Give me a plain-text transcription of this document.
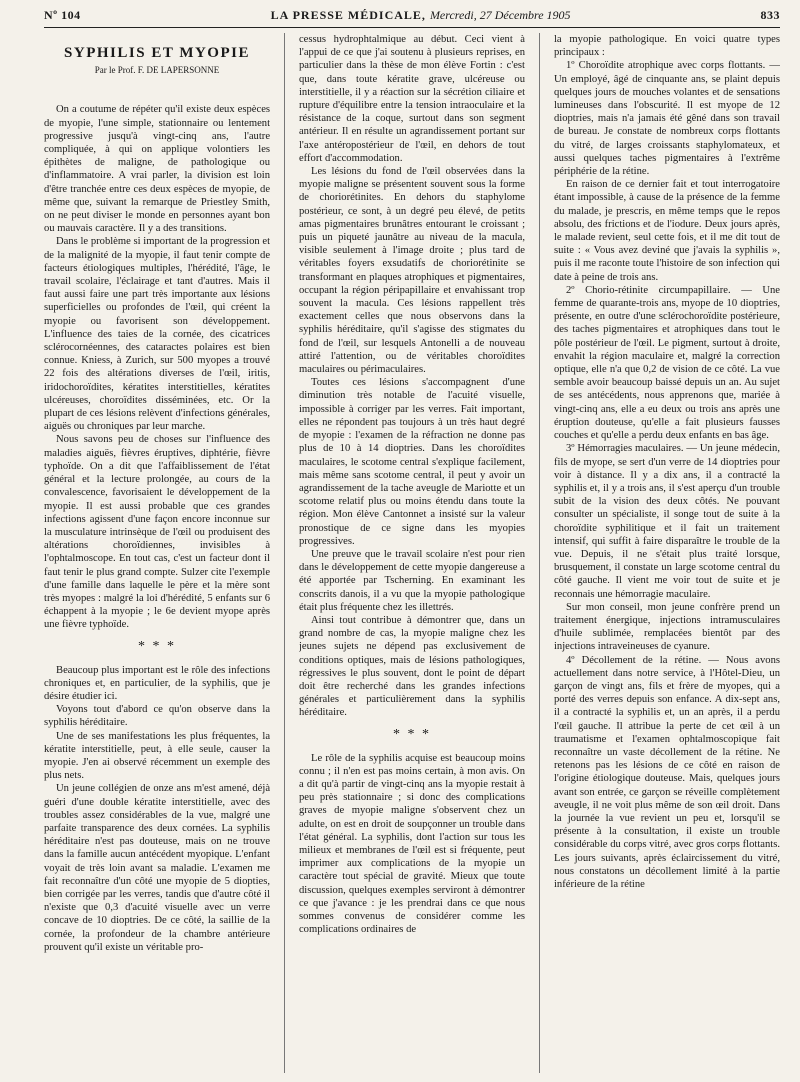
Nº 104	LA PRESSE MÉDICALE, Mercredi, 27 Décembre 1905	833
SYPHILIS ET MYOPIE
Par le Prof. F. DE LAPERSONNE

On a coutume de répéter qu'il existe deux espèces de myopie, l'une simple, stationnaire ou lentement progressive jusqu'à vingt-cinq ans, l'autre compliquée, à qui on applique volontiers les épithètes de maligne, de pathologique ou d'inflammatoire. A vrai parler, la division est loin d'être tranchée entre ces deux espèces de myopie, de même que, suivant la remarque de Priestley Smith, on ne peut diviser le monde en personnes ayant bon ou mauvais caractère. Il y a des transitions.

Dans le problème si important de la progression et de la malignité de la myopie, il faut tenir compte de facteurs étiologiques multiples, l'hérédité, l'âge, le travail scolaire, l'éclairage et tant d'autres. Mais il faut aussi faire une part très importante aux lésions superficielles ou profondes de l'œil, qui créent la myopie ou favorisent son développement. L'influence des taies de la cornée, des cicatrices sclérocornéennes, des cataractes polaires est bien connue. Kniess, à Zurich, sur 500 myopes a trouvé 22 fois des altérations diverses de l'œil, iritis, iridochoroïdites, kératites interstitielles, kératites ulcéreuses, choroïdites disséminées, etc. Or la plupart de ces lésions relèvent d'infections générales, aiguës ou chroniques par leur marche.

Nous savons peu de choses sur l'influence des maladies aiguës, fièvres éruptives, diphtérie, fièvre typhoïde. On a dit que l'affaiblissement de l'état général et la lecture prolongée, au cours de la convalescence, favorisaient le développement de la myopie. Il est aussi probable que ces grandes infections agissent d'une façon encore inconnue sur la musculature intrinsèque de l'œil ou produisent des altérations choroïdiennes, invisibles à l'ophtalmoscope. En tout cas, c'est un facteur dont il faut tenir le plus grand compte. Sulzer cite l'exemple d'une famille dans laquelle le père et la mère sont très myopes : malgré la loi d'hérédité, 5 enfants sur 6 échappent à la myopie ; le 6e devient myope après une fièvre typhoïde.

* * *

Beaucoup plus important est le rôle des infections chroniques et, en particulier, de la syphilis, que je désire étudier ici.

Voyons tout d'abord ce qu'on observe dans la syphilis héréditaire.

Une de ses manifestations les plus fréquentes, la kératite interstitielle, peut, à elle seule, causer la myopie. J'en ai observé récemment un exemple des plus nets.

Un jeune collégien de onze ans m'est amené, déjà guéri d'une double kératite interstitielle, avec des troubles assez considérables de la vue, malgré une parfaite transparence des deux cornées. La syphilis héréditaire n'est pas douteuse, mais on ne trouve dans la famille aucun antécédent myopique. L'enfant voyait de très loin avant sa maladie. L'examen me fait reconnaître d'un côté une myopie de 5 diopties, bien corrigée par les verres, tandis que d'autre côté il n'existe que 0,3 d'acuité visuelle avec un verre concave de 10 dioptries. De ce côté, la saillie de la cornée, la profondeur de la chambre antérieure prouvent qu'il existe un véritable pro-

cessus hydrophtalmique au début. Ceci vient à l'appui de ce que j'ai soutenu à plusieurs reprises, en particulier dans la thèse de mon élève Fortin : c'est que, dans toute kératite grave, ulcéreuse ou interstitielle, il y a réaction sur la sécrétion ciliaire et rupture d'équilibre entre la tension intraoculaire et la résistance de la coque, surtout dans son segment antérieur. Il en résulte un agrandissement portant sur l'axe antéropostérieur de l'œil, en dehors de tout effort d'accommodation.

Les lésions du fond de l'œil observées dans la myopie maligne se présentent souvent sous la forme de choriorétinites. En dehors du staphylome postérieur, ce sont, à un degré peu élevé, de petits amas pigmentaires brunâtres entourant le croissant ; puis un piqueté jaunâtre au niveau de la macula, visible seulement à l'image droite ; plus tard de véritables foyers exsudatifs de choriorétinite se transformant en plaques atrophiques et pigmentaires, occupant la région péripapillaire et envahissant trop souvent la macula. Ces lésions rappellent très exactement celles que nous observons dans la syphilis héréditaire, qu'il s'agisse des stigmates du fond de l'œil, sur lesquels Antonelli a de nouveau attiré l'attention, ou de véritables choroïdites maculaires ou périmaculaires.

Toutes ces lésions s'accompagnent d'une diminution très notable de l'acuité visuelle, impossible à corriger par les verres. Fait important, elles ne répondent pas toujours à un très haut degré de myopie : l'examen de la réfraction ne donne pas plus de 10 à 14 dioptries. Dans les choroïdites maculaires, le scotome central s'explique facilement, mais même sans scotome central, il peut y avoir un agrandissement de la tache aveugle de Mariotte et un scotome relatif plus ou moins étendu dans toute la région. Mon élève Cantonnet a insisté sur la valeur pronostique de ce signe dans les myopies progressives.

Une preuve que le travail scolaire n'est pour rien dans le développement de cette myopie dangereuse a été apportée par Tscherning. En examinant les conscrits danois, il a vu que la myopie pathologique était plus fréquente chez les illettrés.

Ainsi tout contribue à démontrer que, dans un grand nombre de cas, la myopie maligne chez les jeunes sujets ne dépend pas exclusivement de conditions optiques, mais de lésions pathologiques, régressives le plus souvent, dont le point de départ doit être recherché dans les grandes infections générales et particulièrement dans la syphilis héréditaire.

* * *

Le rôle de la syphilis acquise est beaucoup moins connu ; il n'en est pas moins certain, à mon avis. On a dit qu'à partir de vingt-cinq ans la myopie restait à peu près stationnaire ; si donc des complications graves de myopie maligne s'observent chez un adulte, on est en droit de soupçonner un trouble dans l'état général. La syphilis, dont l'action sur tous les milieux et membranes de l'œil est si fréquente, peut imprimer aux complications de la myopie un caractère tout spécial de gravité. Mieux que toute discussion, quelques exemples serviront à démontrer ce que j'avance : je les prendrai dans ce que nous sommes convenus de considérer comme les complications ordinaires de

la myopie pathologique. En voici quatre types principaux :

1º Choroïdite atrophique avec corps flottants. — Un employé, âgé de cinquante ans, se plaint depuis quelques jours de mouches volantes et de sensations lumineuses dans l'obscurité. Il est myope de 12 dioptries, mais n'a jamais été gêné dans son travail de bureau. Je constate de nombreux corps flottants du vitré, de larges croissants staphylomateux, et aussi quelques taches pigmentaires à l'extrême périphérie de la rétine.

En raison de ce dernier fait et tout interrogatoire étant impossible, à cause de la présence de la femme du malade, je prescris, en même temps que le repos absolu, des frictions et de l'iodure. Deux jours après, le malade revient, seul cette fois, et il me dit tout de suite : « Vous avez deviné que j'avais la syphilis », puis il me raconte toute l'histoire de son infection qui date à peine de trois ans.

2º Chorio-rétinite circumpapillaire. — Une femme de quarante-trois ans, myope de 10 dioptries, présente, en outre d'une sclérochoroïdite postérieure, des taches pigmentaires et atrophiques dans tout le pôle postérieur de l'œil. Le pigment, surtout à droite, envahit la région maculaire et, malgré la correction optique, elle n'a que 0,2 de vision de ce côté. La vue semble avoir beaucoup baissé depuis un an. Au sujet de ses antécédents, nous apprenons que, mariée à vingt-cinq ans, elle a eu deux ou trois ans après une éruption douteuse, qu'elle a fait plusieurs fausses couches et qu'elle a perdu deux enfants en bas âge.

3º Hémorragies maculaires. — Un jeune médecin, fils de myope, se sert d'un verre de 14 dioptries pour voir à distance. Il y a dix ans, il a contracté la syphilis et, il y a trois ans, il s'est aperçu d'un trouble subit de la vision des deux côtés. Ne pouvant consulter un spécialiste, il songe tout de suite à la choroïdite syphilitique et il fait un traitement intensif, qui suffit à faire disparaître le trouble de la vue. Depuis, il ne s'était plus traité lorsque, brusquement, il constate un large scotome central du côté gauche. Il vient me voir tout de suite et je reconnais une hémorragie maculaire.

Sur mon conseil, mon jeune confrère prend un traitement énergique, injections intramusculaires d'huile sublimée, remplacées bientôt par des injections intraveineuses de cyanure.

4º Décollement de la rétine. — Nous avons actuellement dans notre service, à l'Hôtel-Dieu, un garçon de vingt ans, fils et frère de myopes, qui a porté des verres depuis son enfance. A dix-sept ans, il a contracté la syphilis et, un an après, il a perdu l'œil gauche. Il attribue la perte de cet œil à un traumatisme et l'examen ophtalmoscopique fait reconnaître un vaste décollement de la rétine. Ne retenons pas les lésions de ce côté en raison de l'origine étiologique douteuse. Mais, quelques jours avant son entrée, ce garçon se réveille complètement aveugle, il ne voit plus même de son œil droit. Dans la journée la vue revient un peu et, lorsqu'il se présente à la consultation, il existe un trouble considérable du corps vitré, avec gros corps flottants. Les jours suivants, après éclaircissement du vitré, nous constatons un décollement limité à la partie inférieure de la rétine
